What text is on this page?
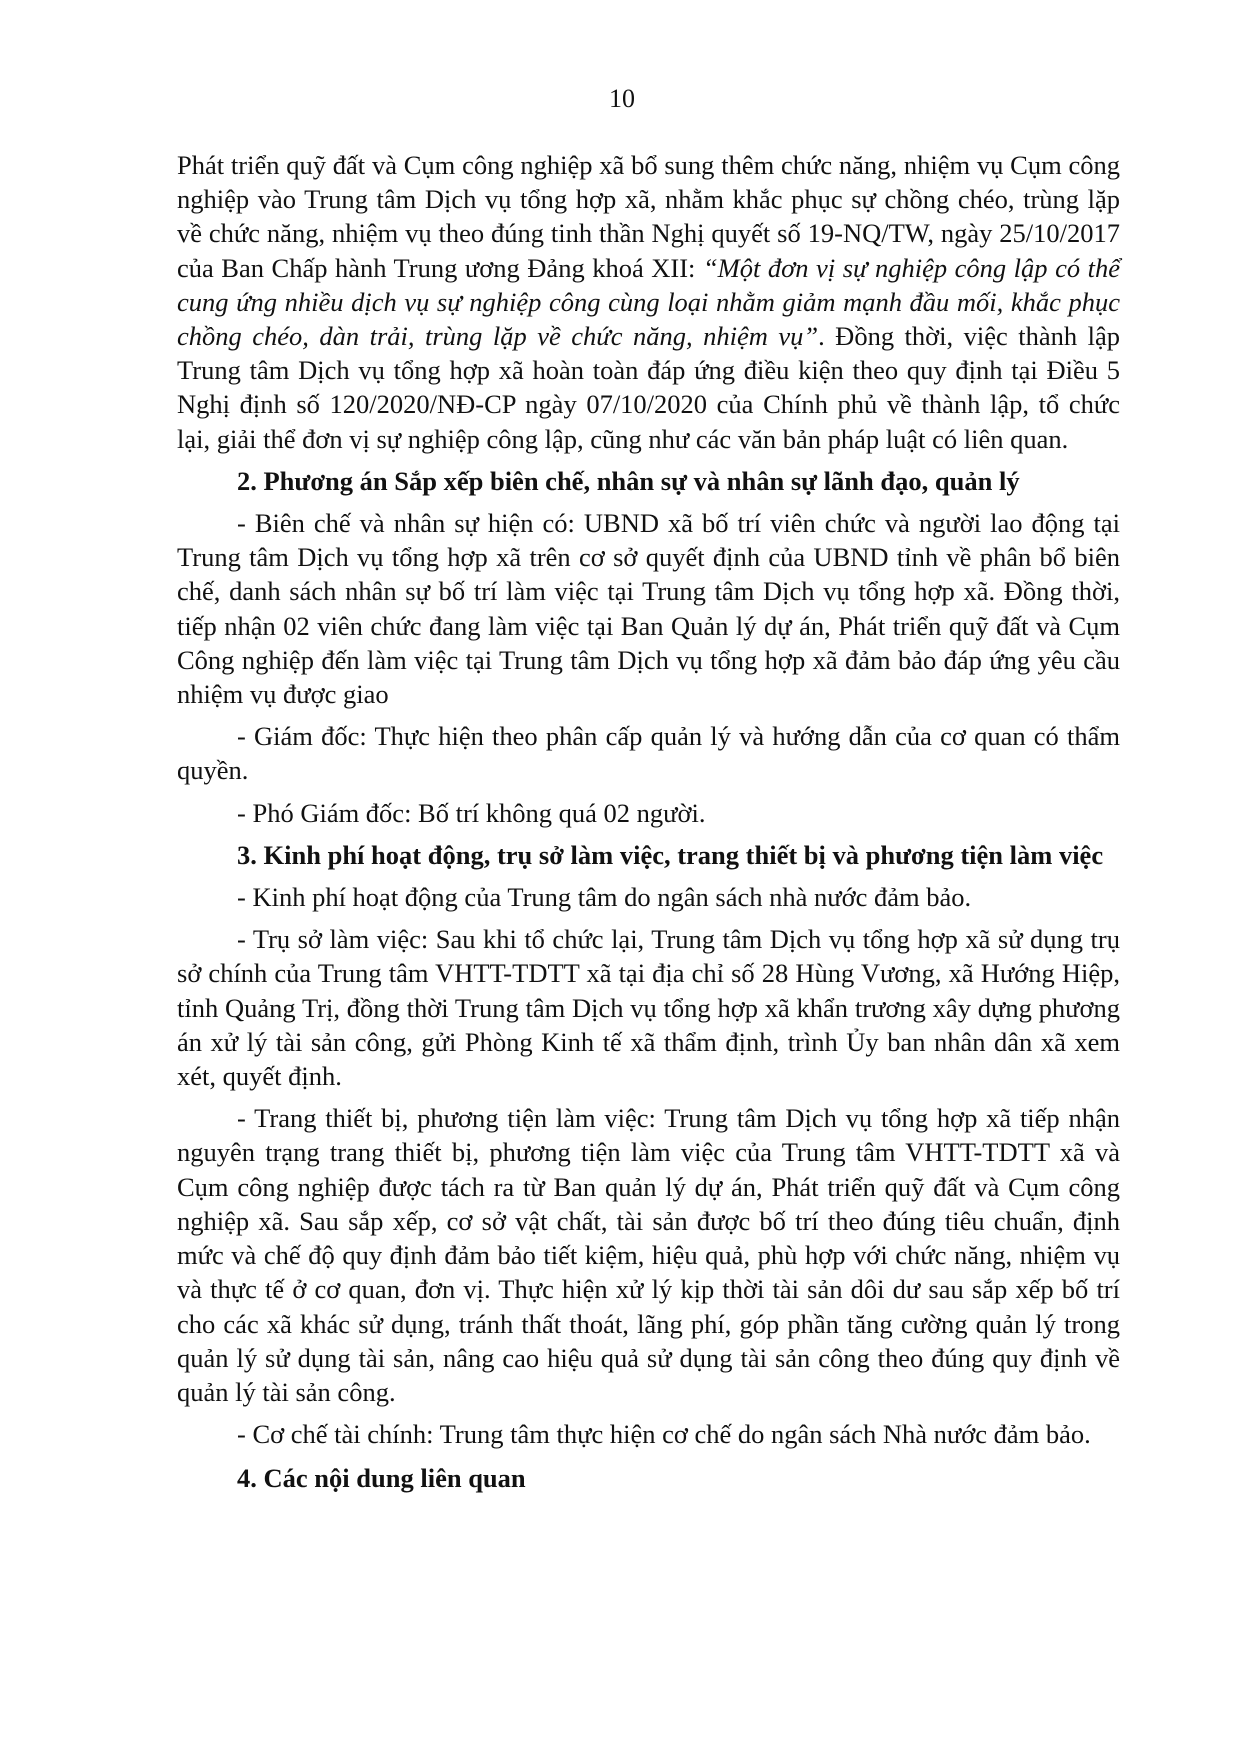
10

Phát triển quỹ đất và Cụm công nghiệp xã bổ sung thêm chức năng, nhiệm vụ Cụm công nghiệp vào Trung tâm Dịch vụ tổng hợp xã, nhằm khắc phục sự chồng chéo, trùng lặp về chức năng, nhiệm vụ theo đúng tinh thần Nghị quyết số 19-NQ/TW, ngày 25/10/2017 của Ban Chấp hành Trung ương Đảng khoá XII: “Một đơn vị sự nghiệp công lập có thể cung ứng nhiều dịch vụ sự nghiệp công cùng loại nhằm giảm mạnh đầu mối, khắc phục chồng chéo, dàn trải, trùng lặp về chức năng, nhiệm vụ”. Đồng thời, việc thành lập Trung tâm Dịch vụ tổng hợp xã hoàn toàn đáp ứng điều kiện theo quy định tại Điều 5 Nghị định số 120/2020/NĐ-CP ngày 07/10/2020 của Chính phủ về thành lập, tổ chức lại, giải thể đơn vị sự nghiệp công lập, cũng như các văn bản pháp luật có liên quan.

2. Phương án Sắp xếp biên chế, nhân sự và nhân sự lãnh đạo, quản lý

- Biên chế và nhân sự hiện có: UBND xã bố trí viên chức và người lao động tại Trung tâm Dịch vụ tổng hợp xã trên cơ sở quyết định của UBND tỉnh về phân bổ biên chế, danh sách nhân sự bố trí làm việc tại Trung tâm Dịch vụ tổng hợp xã. Đồng thời, tiếp nhận 02 viên chức đang làm việc tại Ban Quản lý dự án, Phát triển quỹ đất và Cụm Công nghiệp đến làm việc tại Trung tâm Dịch vụ tổng hợp xã đảm bảo đáp ứng yêu cầu nhiệm vụ được giao

- Giám đốc: Thực hiện theo phân cấp quản lý và hướng dẫn của cơ quan có thẩm quyền.

- Phó Giám đốc: Bố trí không quá 02 người.

3. Kinh phí hoạt động, trụ sở làm việc, trang thiết bị và phương tiện làm việc

- Kinh phí hoạt động của Trung tâm do ngân sách nhà nước đảm bảo.

- Trụ sở làm việc: Sau khi tổ chức lại, Trung tâm Dịch vụ tổng hợp xã sử dụng trụ sở chính của Trung tâm VHTT-TDTT xã tại địa chỉ số 28 Hùng Vương, xã Hướng Hiệp, tỉnh Quảng Trị, đồng thời Trung tâm Dịch vụ tổng hợp xã khẩn trương xây dựng phương án xử lý tài sản công, gửi Phòng Kinh tế xã thẩm định, trình Ủy ban nhân dân xã xem xét, quyết định.

- Trang thiết bị, phương tiện làm việc: Trung tâm Dịch vụ tổng hợp xã tiếp nhận nguyên trạng trang thiết bị, phương tiện làm việc của Trung tâm VHTT-TDTT xã và Cụm công nghiệp được tách ra từ Ban quản lý dự án, Phát triển quỹ đất và Cụm công nghiệp xã. Sau sắp xếp, cơ sở vật chất, tài sản được bố trí theo đúng tiêu chuẩn, định mức và chế độ quy định đảm bảo tiết kiệm, hiệu quả, phù hợp với chức năng, nhiệm vụ và thực tế ở cơ quan, đơn vị. Thực hiện xử lý kịp thời tài sản dôi dư sau sắp xếp bố trí cho các xã khác sử dụng, tránh thất thoát, lãng phí, góp phần tăng cường quản lý trong quản lý sử dụng tài sản, nâng cao hiệu quả sử dụng tài sản công theo đúng quy định về quản lý tài sản công.

- Cơ chế tài chính: Trung tâm thực hiện cơ chế do ngân sách Nhà nước đảm bảo.

4. Các nội dung liên quan
